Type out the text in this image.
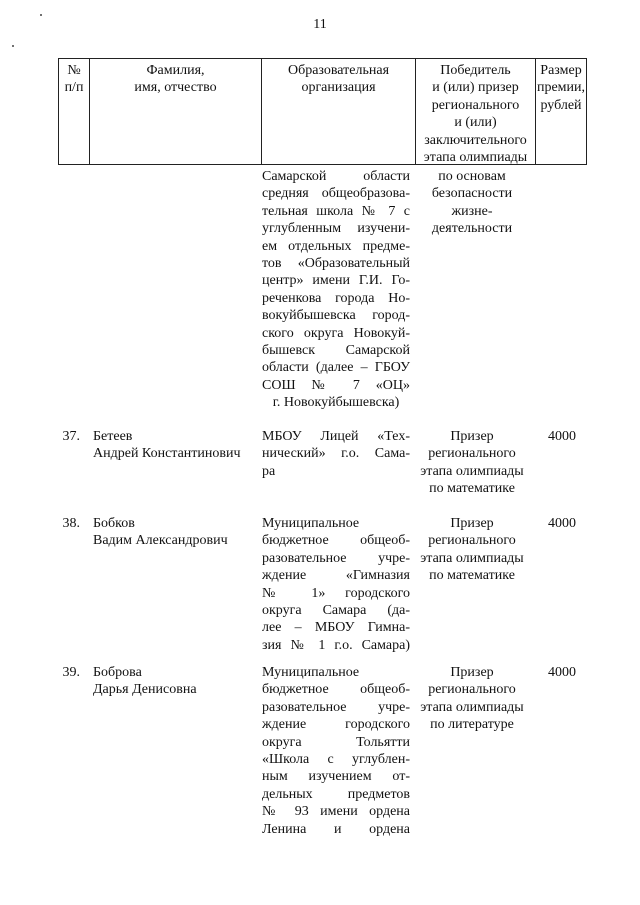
11
№
п/п
Фамилия,
имя, отчество
Образовательная
организация
Победитель
и (или) призер
регионального
и (или)
заключительного
этапа олимпиады
Размер
премии,
рублей
Самарской области
средняя общеобразова-
тельная школа № 7 с
углубленным изучени-
ем отдельных предме-
тов «Образовательный
центр» имени Г.И. Го-
реченкова города Но-
вокуйбышевска город-
ского округа Новокуй-
бышевск Самарской
области (далее – ГБОУ
СОШ № 7 «ОЦ»
г. Новокуйбышевска)
по основам
безопасности
жизне-
деятельности
37. Бетеев
Андрей Константинович
МБОУ Лицей «Тех-
нический» г.о. Сама-
ра
Призер
регионального
этапа олимпиады
по математике
4000
38. Бобков
Вадим Александрович
Муниципальное
бюджетное общеоб-
разовательное учре-
ждение «Гимназия
№ 1» городского
округа Самара (да-
лее – МБОУ Гимна-
зия № 1 г.о. Самара)
Призер
регионального
этапа олимпиады
по математике
4000
39. Боброва
Дарья Денисовна
Муниципальное
бюджетное общеоб-
разовательное учре-
ждение городского
округа Тольятти
«Школа с углублен-
ным изучением от-
дельных предметов
№ 93 имени ордена
Ленина и ордена
Призер
регионального
этапа олимпиады
по литературе
4000
